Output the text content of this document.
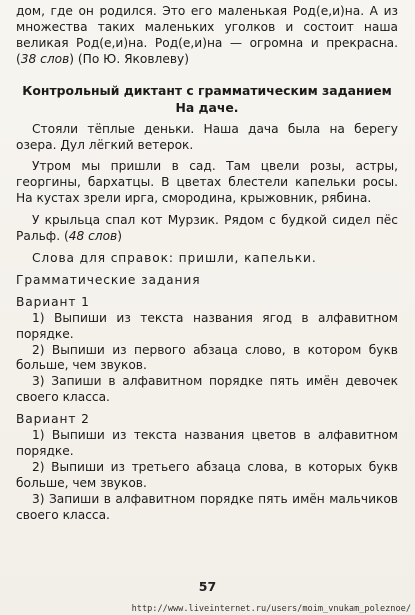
дом, где он родился. Это его маленькая Род(е,и)на. А из множества таких маленьких уголков и состоит наша великая Род(е,и)на. Род(е,и)на — огромна и прекрасна. (38 слов) (По Ю. Яковлеву)

Контрольный диктант с грамматическим заданием

На даче.

Стояли тёплые деньки. Наша дача была на берегу озера. Дул лёгкий ветерок.

Утром мы пришли в сад. Там цвели розы, астры, георгины, бархатцы. В цветах блестели капельки росы. На кустах зрели ирга, смородина, крыжовник, рябина.

У крыльца спал кот Мурзик. Рядом с будкой сидел пёс Ральф. (48 слов)

Слова для справок: пришли, капельки.

Грамматические задания

Вариант 1

1) Выпиши из текста названия ягод в алфавитном порядке.

2) Выпиши из первого абзаца слово, в котором букв больше, чем звуков.

3) Запиши в алфавитном порядке пять имён девочек своего класса.

Вариант 2

1) Выпиши из текста названия цветов в алфавитном порядке.

2) Выпиши из третьего абзаца слова, в которых букв больше, чем звуков.

3) Запиши в алфавитном порядке пять имён мальчиков своего класса.

57
http://www.liveinternet.ru/users/moim_vnukam_poleznoe/
